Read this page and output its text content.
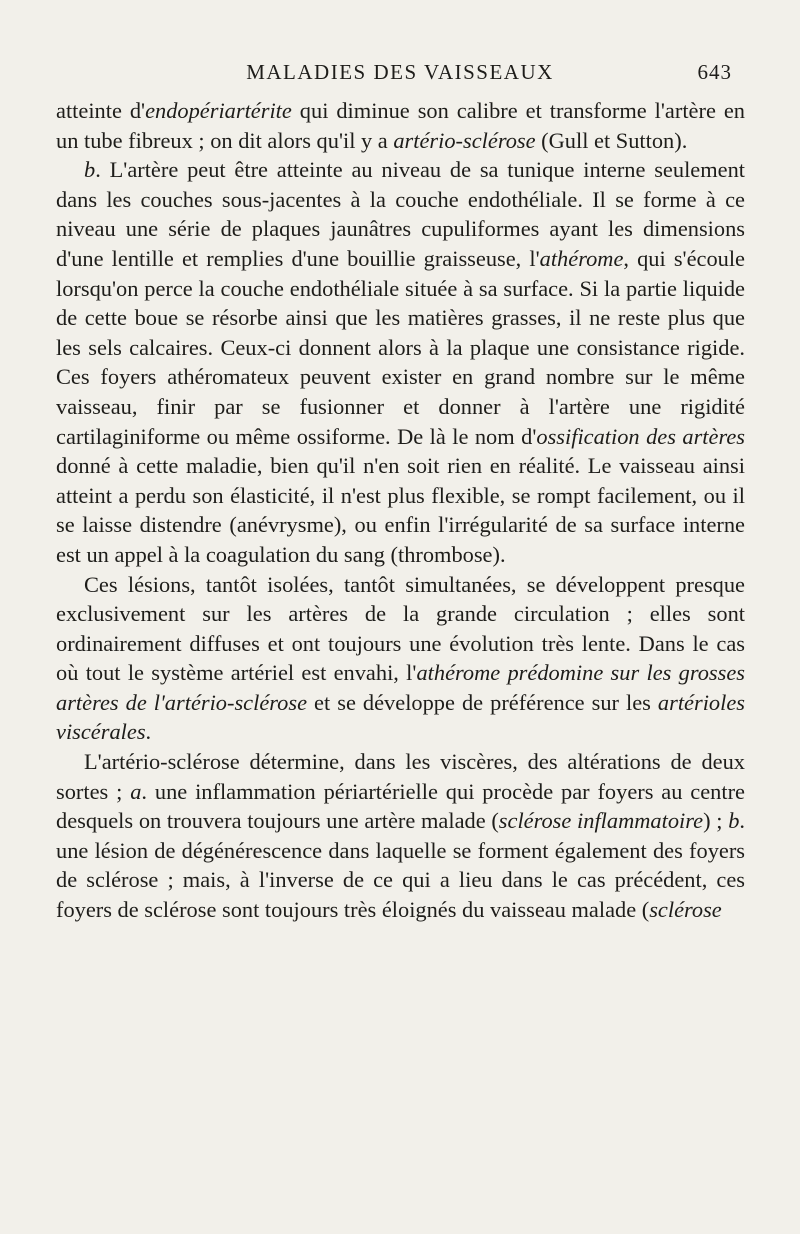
MALADIES DES VAISSEAUX	643

atteinte d'endopériartérite qui diminue son calibre et transforme l'artère en un tube fibreux ; on dit alors qu'il y a artério-sclérose (Gull et Sutton).

b. L'artère peut être atteinte au niveau de sa tunique interne seulement dans les couches sous-jacentes à la couche endothéliale. Il se forme à ce niveau une série de plaques jaunâtres cupuliformes ayant les dimensions d'une lentille et remplies d'une bouillie graisseuse, l'athérome, qui s'écoule lorsqu'on perce la couche endothéliale située à sa surface. Si la partie liquide de cette boue se résorbe ainsi que les matières grasses, il ne reste plus que les sels calcaires. Ceux-ci donnent alors à la plaque une consistance rigide. Ces foyers athéromateux peuvent exister en grand nombre sur le même vaisseau, finir par se fusionner et donner à l'artère une rigidité cartilaginiforme ou même ossiforme. De là le nom d'ossification des artères donné à cette maladie, bien qu'il n'en soit rien en réalité. Le vaisseau ainsi atteint a perdu son élasticité, il n'est plus flexible, se rompt facilement, ou il se laisse distendre (anévrysme), ou enfin l'irrégularité de sa surface interne est un appel à la coagulation du sang (thrombose).

Ces lésions, tantôt isolées, tantôt simultanées, se développent presque exclusivement sur les artères de la grande circulation ; elles sont ordinairement diffuses et ont toujours une évolution très lente. Dans le cas où tout le système artériel est envahi, l'athérome prédomine sur les grosses artères de l'artério-sclérose et se développe de préférence sur les artérioles viscérales.

L'artério-sclérose détermine, dans les viscères, des altérations de deux sortes ; a. une inflammation périartérielle qui procède par foyers au centre desquels on trouvera toujours une artère malade (sclérose inflammatoire) ; b. une lésion de dégénérescence dans laquelle se forment également des foyers de sclérose ; mais, à l'inverse de ce qui a lieu dans le cas précédent, ces foyers de sclérose sont toujours très éloignés du vaisseau malade (sclérose
